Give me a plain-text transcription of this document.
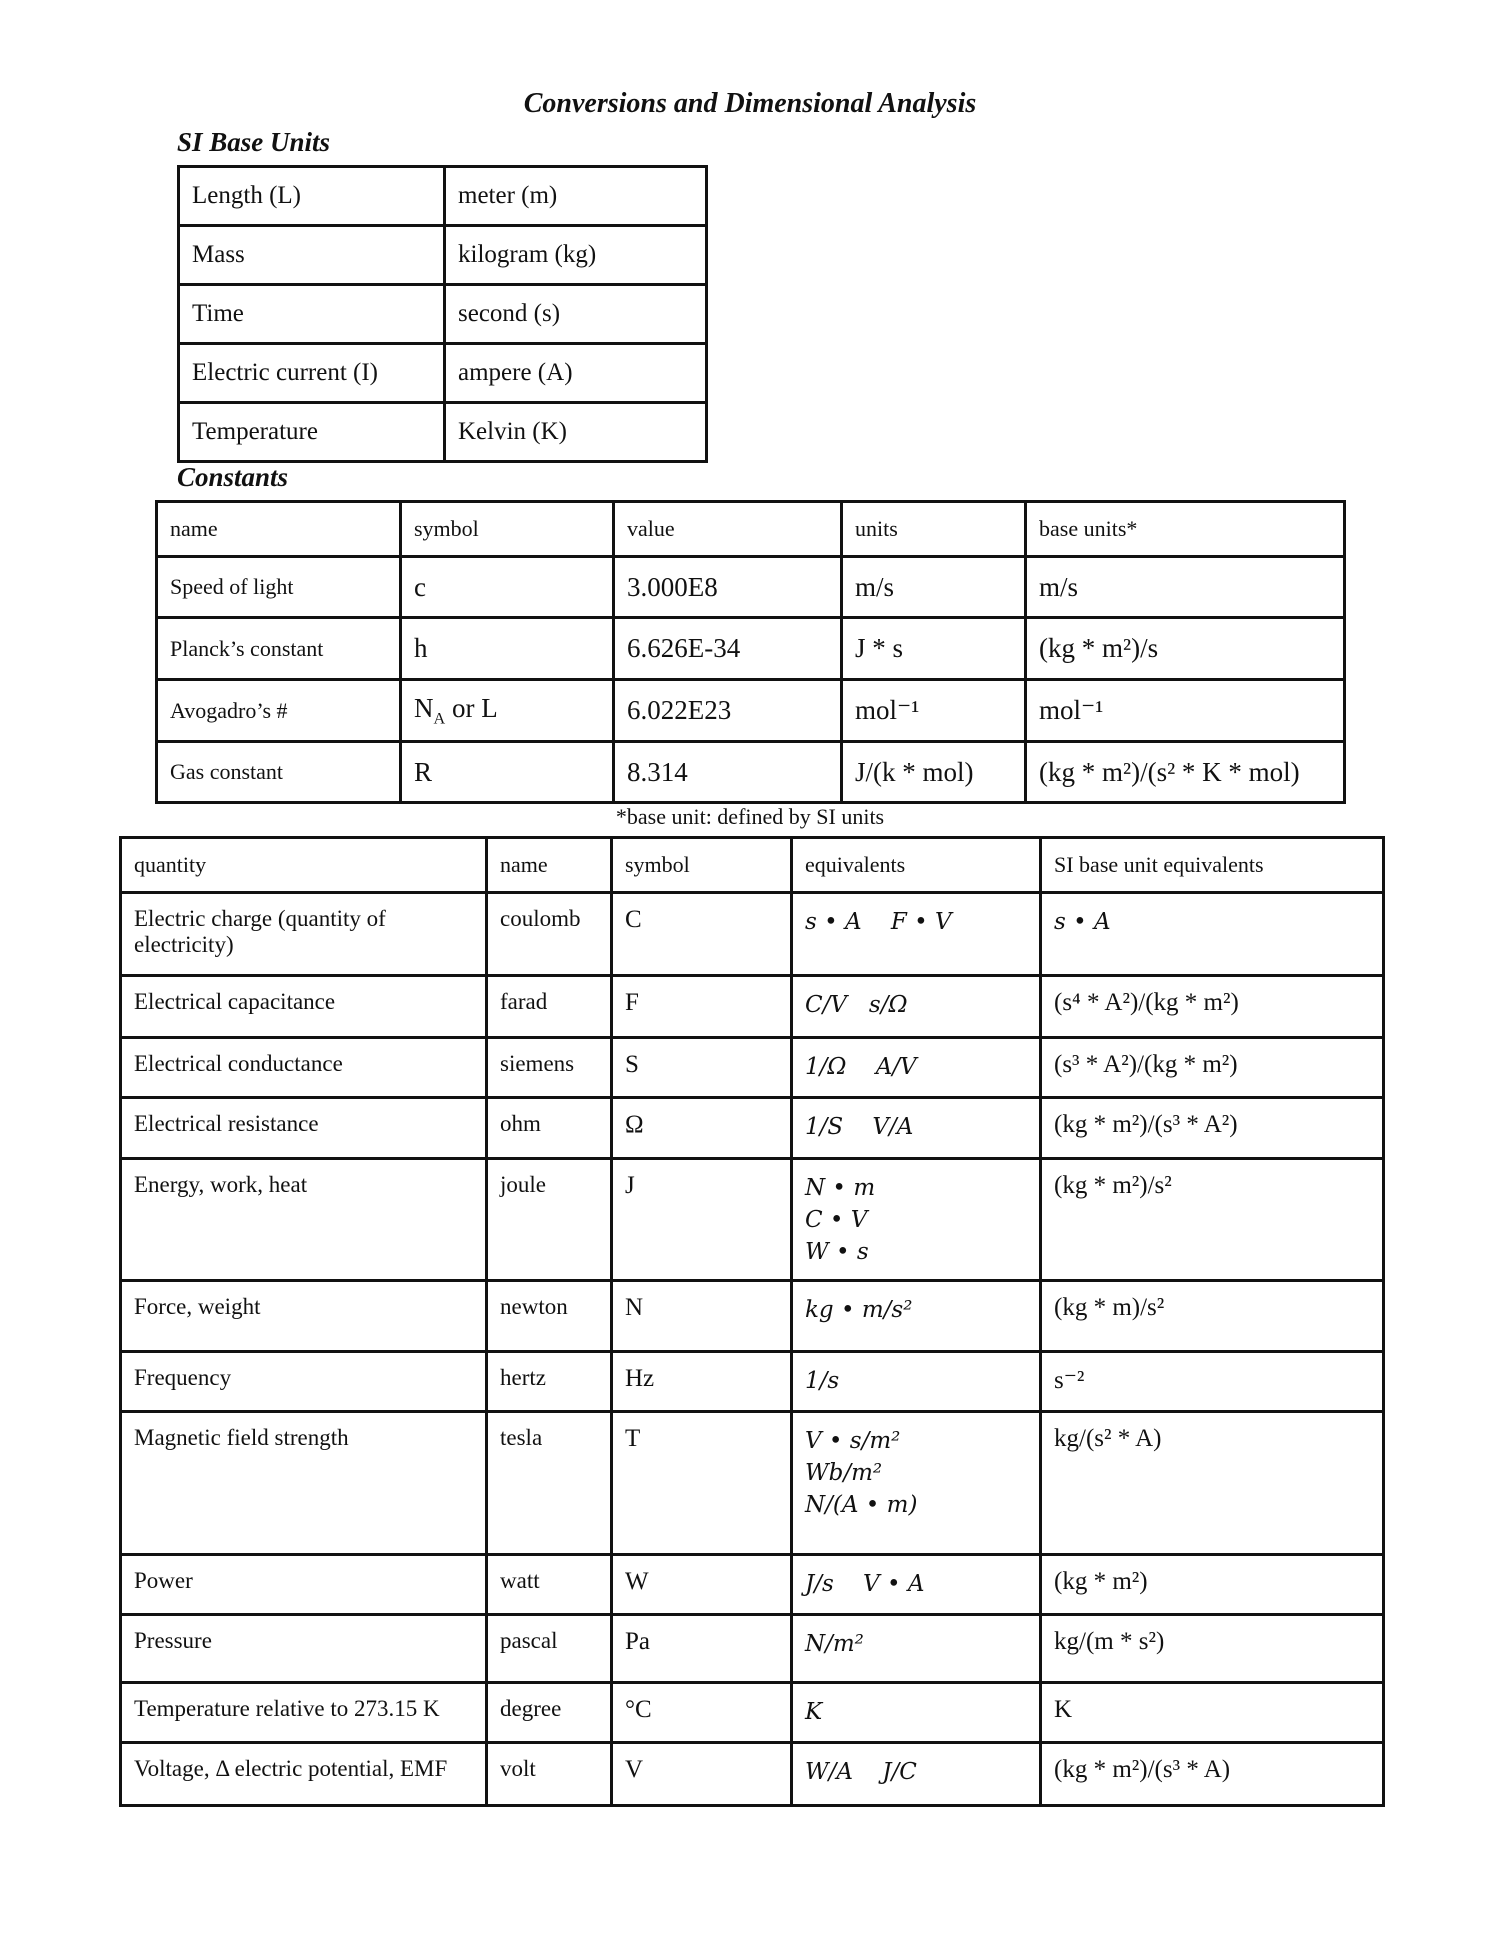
Conversions and Dimensional Analysis
SI Base Units
Length (L)	meter (m)
Mass	kilogram (kg)
Time	second (s)
Electric current (I)	ampere (A)
Temperature	Kelvin (K)
Constants
name	symbol	value	units	base units*
Speed of light	c	3.000E8	m/s	m/s
Planck’s constant	h	6.626E-34	J * s	(kg * m²)/s
Avogadro’s #	$N_A$ or L	6.022E23	mol⁻¹	mol⁻¹
Gas constant	R	8.314	J/(k * mol)	(kg * m²)/(s² * K * mol)
*base unit: defined by SI units
quantity	name	symbol	equivalents	SI base unit equivalents
Electric charge (quantity of electricity)	coulomb	C	s • A    F • V	s • A
Electrical capacitance	farad	F	C/V   s/Ω	(s⁴ * A²)/(kg * m²)
Electrical conductance	siemens	S	1/Ω    A/V	(s³ * A²)/(kg * m²)
Electrical resistance	ohm	Ω	1/S    V/A	(kg * m²)/(s³ * A²)
Energy, work, heat	joule	J	N • m
C • V
W • s	(kg * m²)/s²
Force, weight	newton	N	kg • m/s²	(kg * m)/s²
Frequency	hertz	Hz	1/s	s⁻²
Magnetic field strength	tesla	T	V • s/m²
Wb/m²
N/(A • m)	kg/(s² * A)
Power	watt	W	J/s    V • A	(kg * m²)
Pressure	pascal	Pa	N/m²	kg/(m * s²)
Temperature relative to 273.15 K	degree	°C	K	K
Voltage, Δ electric potential, EMF	volt	V	W/A    J/C	(kg * m²)/(s³ * A)
